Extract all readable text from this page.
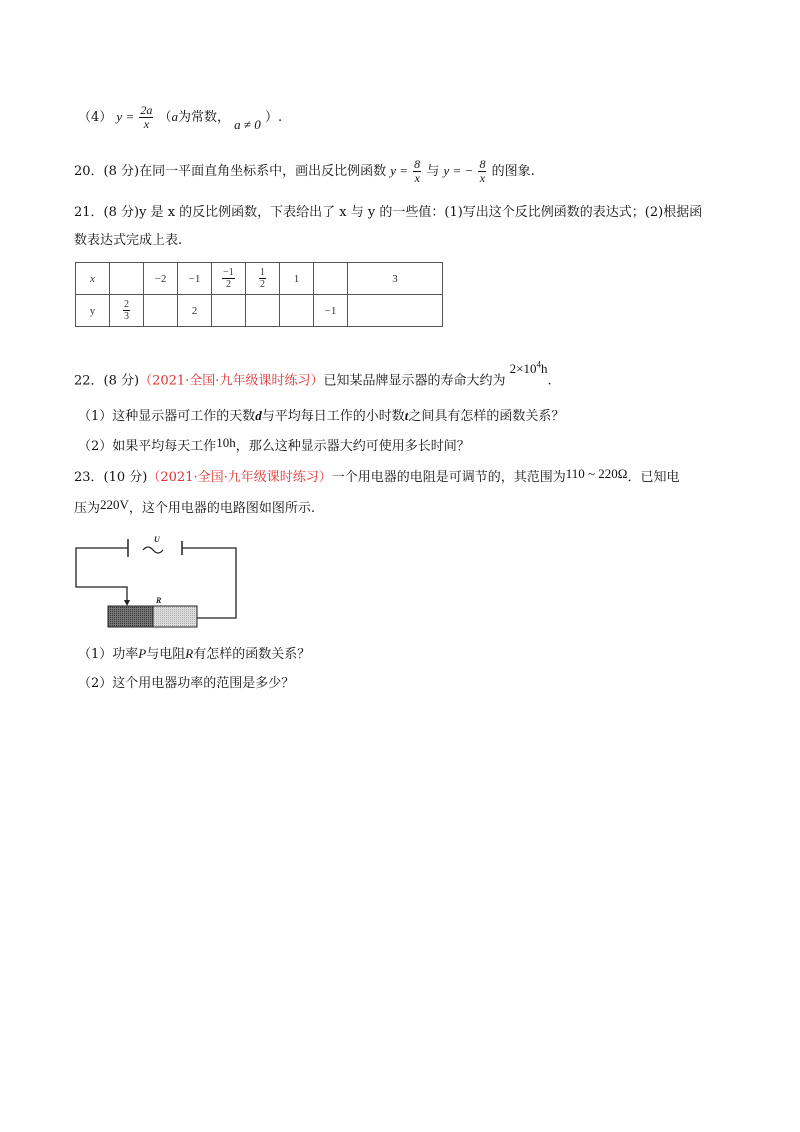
（4） $y = \frac{2a}{x} (a$为常数， a ≠ 0 ）.
20．(8 分)在同一平面直角坐标系中，画出反比例函数 $y = \frac{8}{x}$ 与 y = − $\frac{8}{x}$ 的图象.
21．(8 分)y 是 x 的反比例函数，下表给出了 x 与 y 的一些值：(1)写出这个反比例函数的表达式；(2)根据函
数表达式完成上表.
x		−2	−1	$\frac{-1}{2}$	$\frac{1}{2}$	1		3
y	$\frac{2}{3}$		2				−1	
22．(8 分)（2021·全国·九年级课时练习）已知某品牌显示器的寿命大约为 $2\times 10^4h$.
（1）这种显示器可工作的天数d与平均每日工作的小时数t之间具有怎样的函数关系？
（2）如果平均每天工作10h，那么这种显示器大约可使用多长时间？
23．(10 分)（2021·全国·九年级课时练习）一个用电器的电阻是可调节的，其范围为110 ~ 220Ω．已知电
压为220V，这个用电器的电路图如图所示.
U
R
（1）功率P与电阻R有怎样的函数关系？
（2）这个用电器功率的范围是多少？
